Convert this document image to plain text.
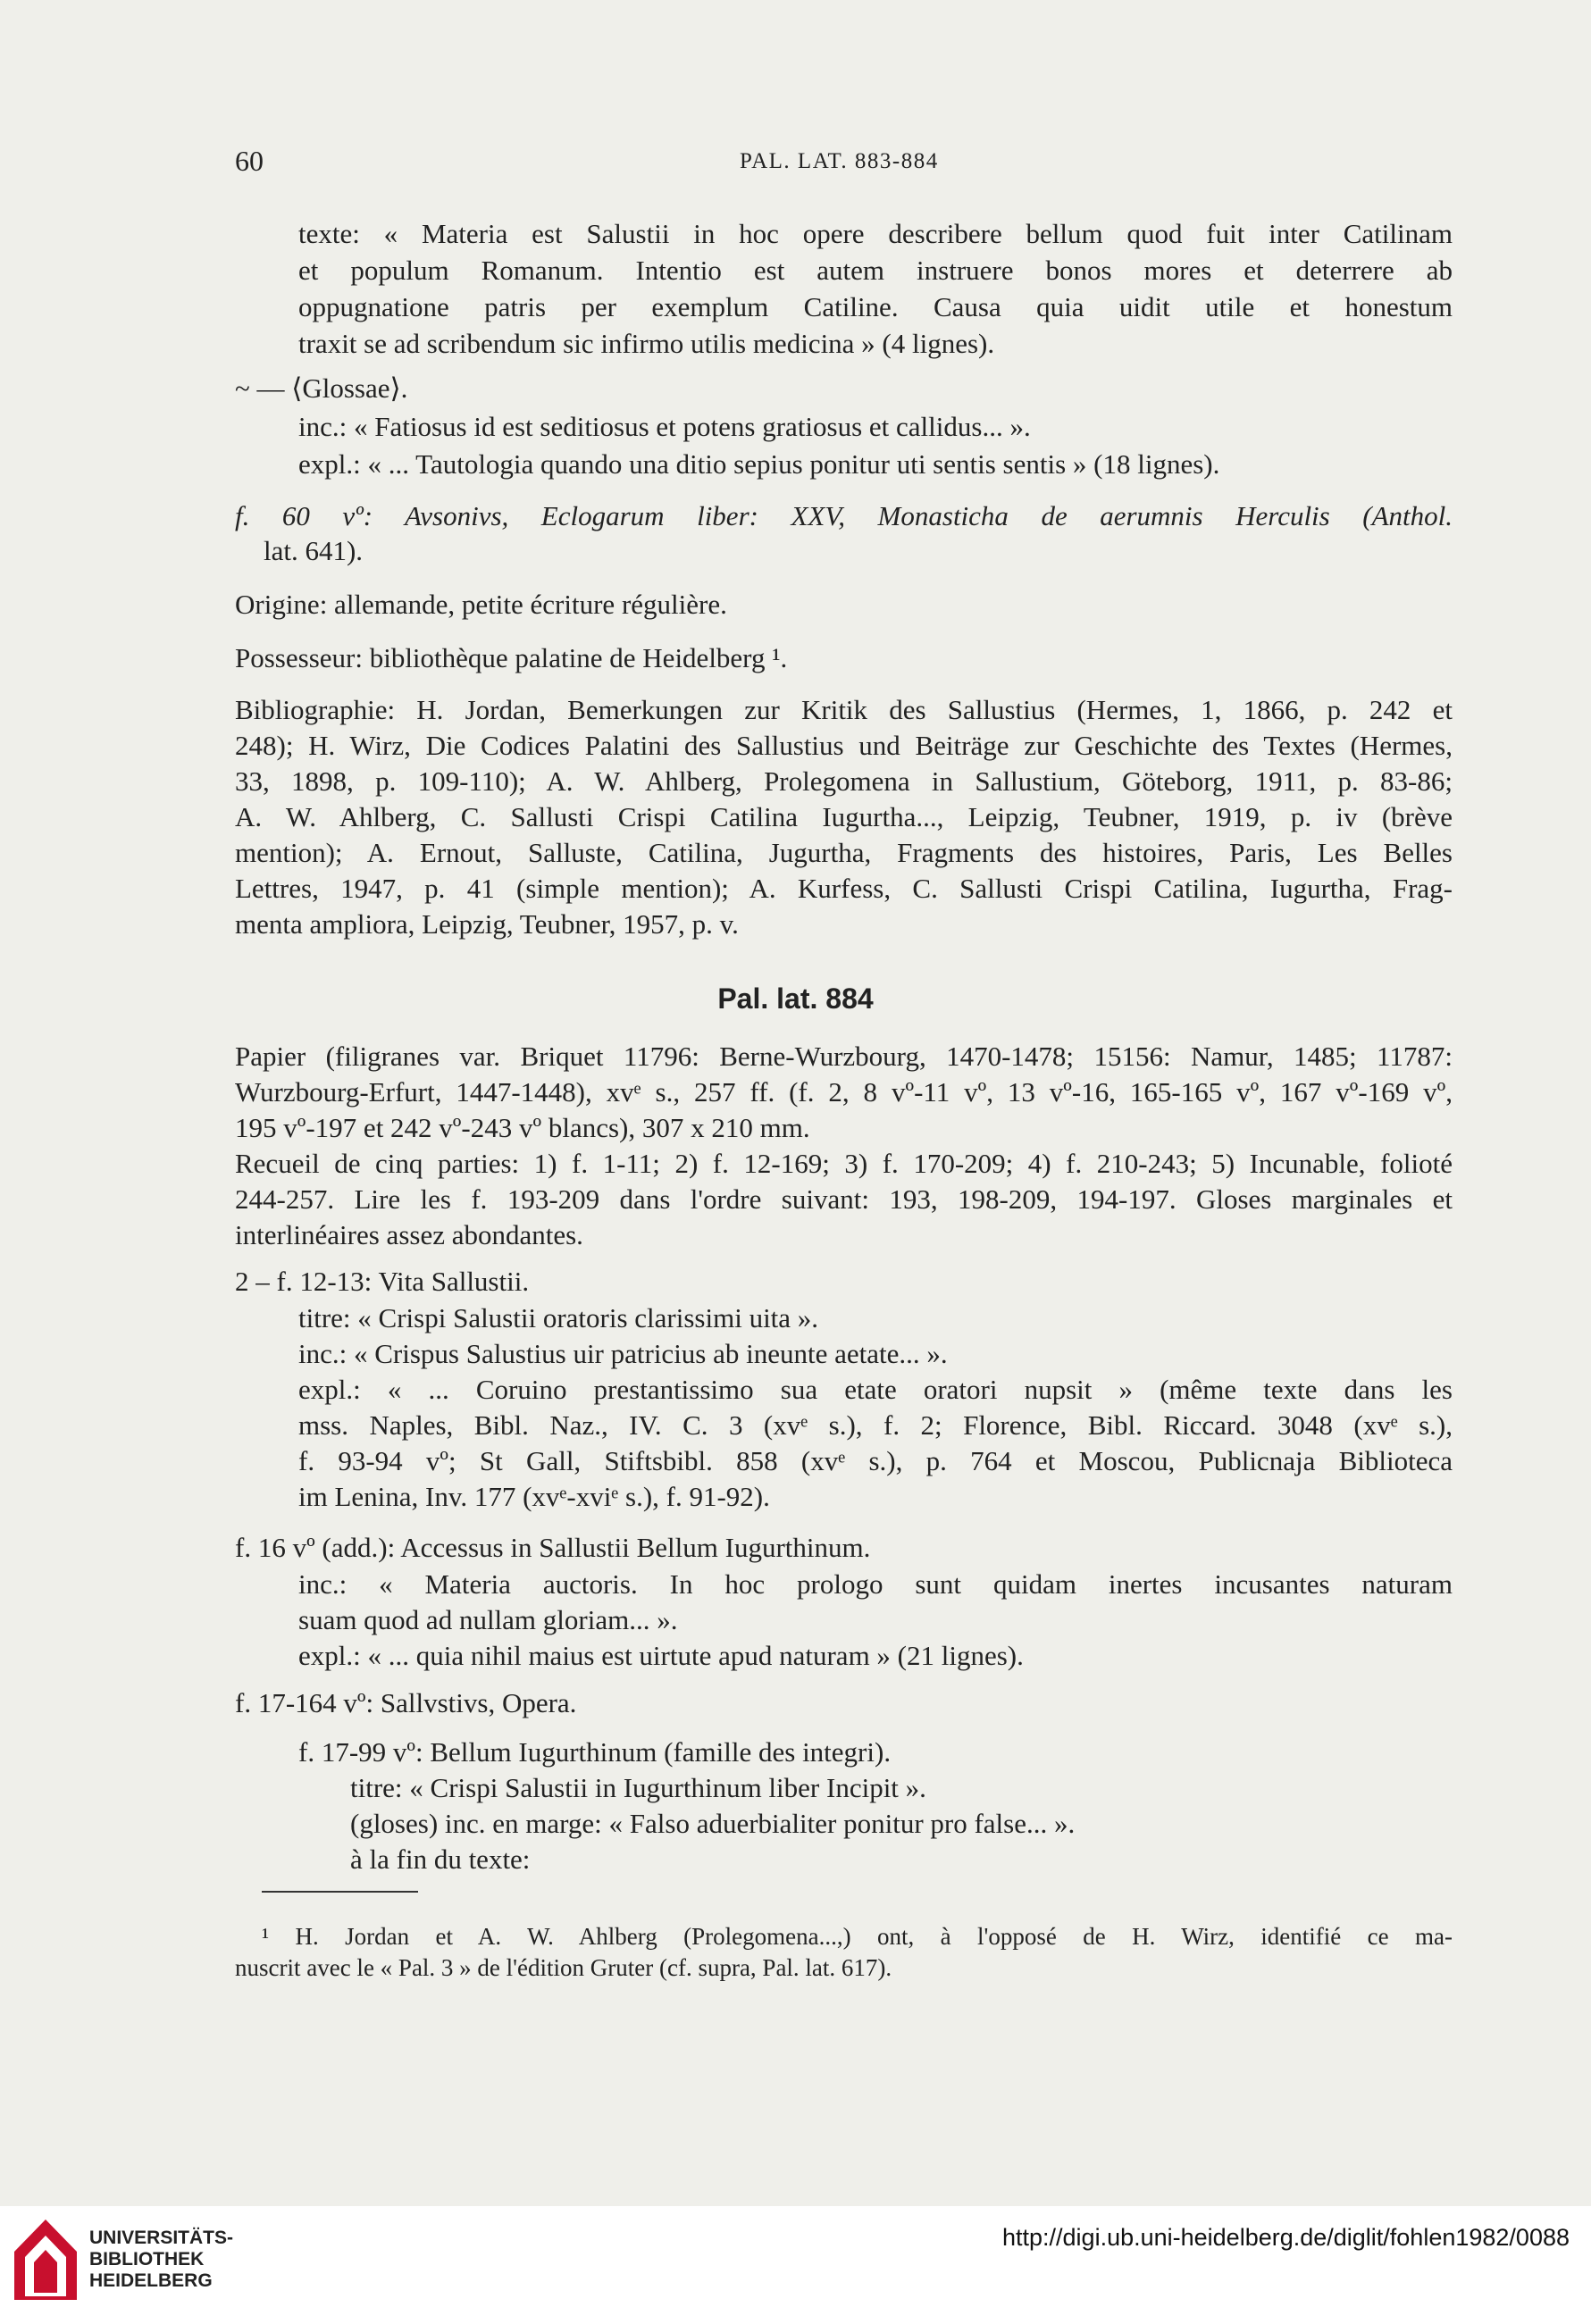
60	PAL. LAT. 883-884
texte: « Materia est Salustii in hoc opere describere bellum quod fuit inter Catilinam
et populum Romanum. Intentio est autem instruere bonos mores et deterrere ab
oppugnatione patris per exemplum Catiline. Causa quia uidit utile et honestum
traxit se ad scribendum sic infirmo utilis medicina » (4 lignes).
~ — ⟨Glossae⟩.
inc.: « Fatiosus id est seditiosus et potens gratiosus et callidus... ».
expl.: « ... Tautologia quando una ditio sepius ponitur uti sentis sentis » (18 lignes).
f. 60 vº: Avsonivs, Eclogarum liber: XXV, Monasticha de aerumnis Herculis (Anthol.
lat. 641).
Origine: allemande, petite écriture régulière.
Possesseur: bibliothèque palatine de Heidelberg ¹.
Bibliographie: H. Jordan, Bemerkungen zur Kritik des Sallustius (Hermes, 1, 1866, p. 242 et
248); H. Wirz, Die Codices Palatini des Sallustius und Beiträge zur Geschichte des Textes (Hermes,
33, 1898, p. 109-110); A. W. Ahlberg, Prolegomena in Sallustium, Göteborg, 1911, p. 83-86;
A. W. Ahlberg, C. Sallusti Crispi Catilina Iugurtha..., Leipzig, Teubner, 1919, p. iv (brève
mention); A. Ernout, Salluste, Catilina, Jugurtha, Fragments des histoires, Paris, Les Belles
Lettres, 1947, p. 41 (simple mention); A. Kurfess, C. Sallusti Crispi Catilina, Iugurtha, Frag-
menta ampliora, Leipzig, Teubner, 1957, p. v.
Pal. lat. 884
Papier (filigranes var. Briquet 11796: Berne-Wurzbourg, 1470-1478; 15156: Namur, 1485; 11787:
Wurzbourg-Erfurt, 1447-1448), xvᵉ s., 257 ff. (f. 2, 8 vº-11 vº, 13 vº-16, 165-165 vº, 167 vº-169 vº,
195 vº-197 et 242 vº-243 vº blancs), 307 x 210 mm.
Recueil de cinq parties: 1) f. 1-11; 2) f. 12-169; 3) f. 170-209; 4) f. 210-243; 5) Incunable, folioté
244-257. Lire les f. 193-209 dans l'ordre suivant: 193, 198-209, 194-197. Gloses marginales et
interlinéaires assez abondantes.
2 – f. 12-13: Vita Sallustii.
titre: « Crispi Salustii oratoris clarissimi uita ».
inc.: « Crispus Salustius uir patricius ab ineunte aetate... ».
expl.: « ... Coruino prestantissimo sua etate oratori nupsit » (même texte dans les
mss. Naples, Bibl. Naz., IV. C. 3 (xvᵉ s.), f. 2; Florence, Bibl. Riccard. 3048 (xvᵉ s.),
f. 93-94 vº; St Gall, Stiftsbibl. 858 (xvᵉ s.), p. 764 et Moscou, Publicnaja Biblioteca
im Lenina, Inv. 177 (xvᵉ-xviᵉ s.), f. 91-92).
f. 16 vº (add.): Accessus in Sallustii Bellum Iugurthinum.
inc.: « Materia auctoris. In hoc prologo sunt quidam inertes incusantes naturam
suam quod ad nullam gloriam... ».
expl.: « ... quia nihil maius est uirtute apud naturam » (21 lignes).
f. 17-164 vº: Sallvstivs, Opera.
f. 17-99 vº: Bellum Iugurthinum (famille des integri).
titre: « Crispi Salustii in Iugurthinum liber Incipit ».
(gloses) inc. en marge: « Falso aduerbialiter ponitur pro false... ».
à la fin du texte:
¹ H. Jordan et A. W. Ahlberg (Prolegomena...,) ont, à l'opposé de H. Wirz, identifié ce ma-
nuscrit avec le « Pal. 3 » de l'édition Gruter (cf. supra, Pal. lat. 617).
UNIVERSITÄTS-
BIBLIOTHEK
HEIDELBERG
http://digi.ub.uni-heidelberg.de/diglit/fohlen1982/0088
